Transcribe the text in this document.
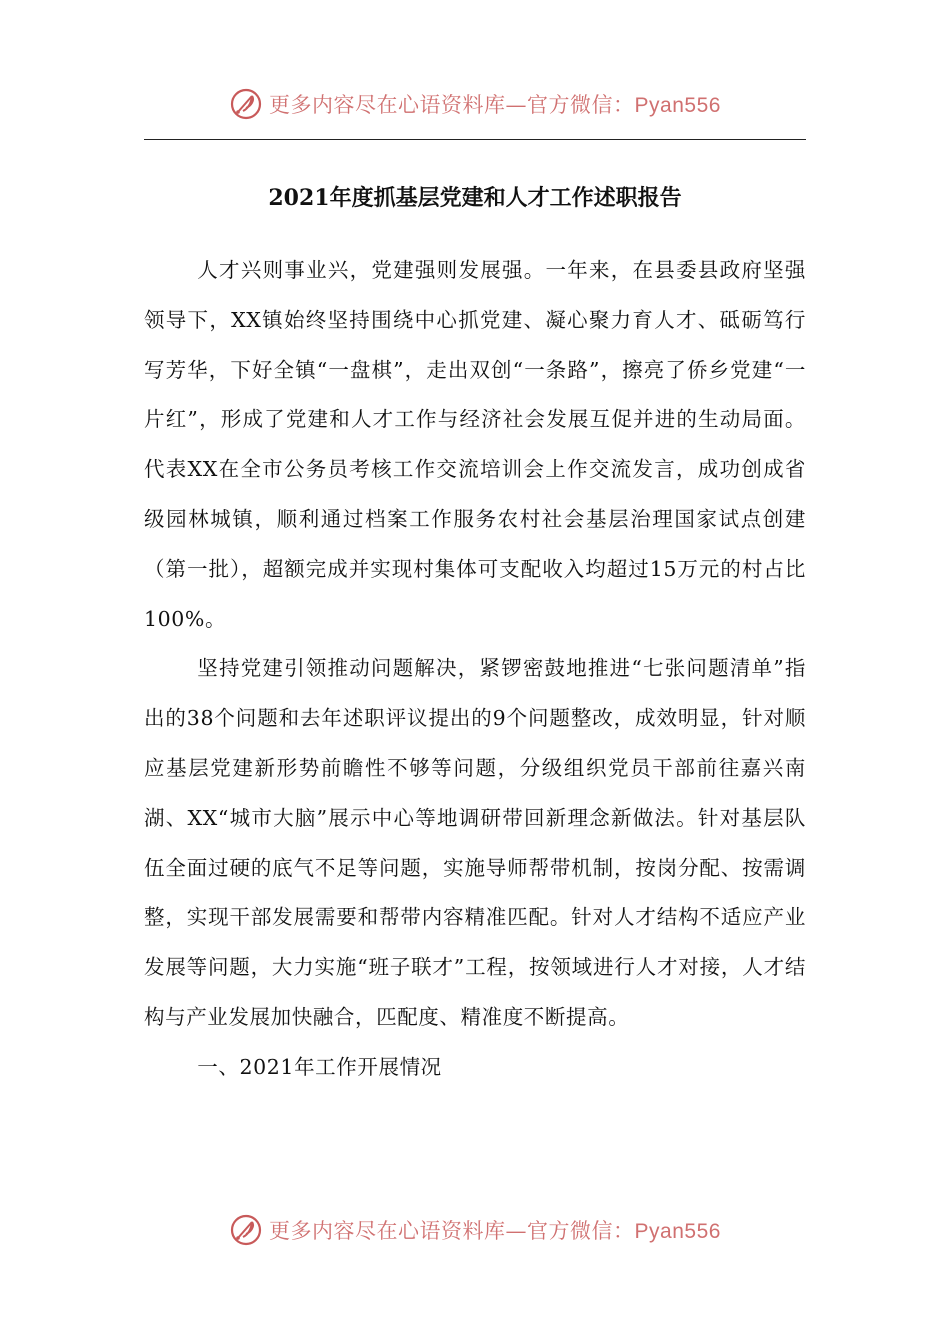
更多内容尽在心语资料库—官方微信：Pyan556
2021年度抓基层党建和人才工作述职报告

人才兴则事业兴，党建强则发展强。一年来，在县委县政府坚强领导下，XX镇始终坚持围绕中心抓党建、凝心聚力育人才、砥砺笃行写芳华，下好全镇“一盘棋”，走出双创“一条路”，擦亮了侨乡党建“一片红”，形成了党建和人才工作与经济社会发展互促并进的生动局面。代表XX在全市公务员考核工作交流培训会上作交流发言，成功创成省级园林城镇，顺利通过档案工作服务农村社会基层治理国家试点创建（第一批），超额完成并实现村集体可支配收入均超过15万元的村占比100%。

坚持党建引领推动问题解决，紧锣密鼓地推进“七张问题清单”指出的38个问题和去年述职评议提出的9个问题整改，成效明显，针对顺应基层党建新形势前瞻性不够等问题，分级组织党员干部前往嘉兴南湖、XX“城市大脑”展示中心等地调研带回新理念新做法。针对基层队伍全面过硬的底气不足等问题，实施导师帮带机制，按岗分配、按需调整，实现干部发展需要和帮带内容精准匹配。针对人才结构不适应产业发展等问题，大力实施“班子联才”工程，按领域进行人才对接，人才结构与产业发展加快融合，匹配度、精准度不断提高。

一、2021年工作开展情况

更多内容尽在心语资料库—官方微信：Pyan556
